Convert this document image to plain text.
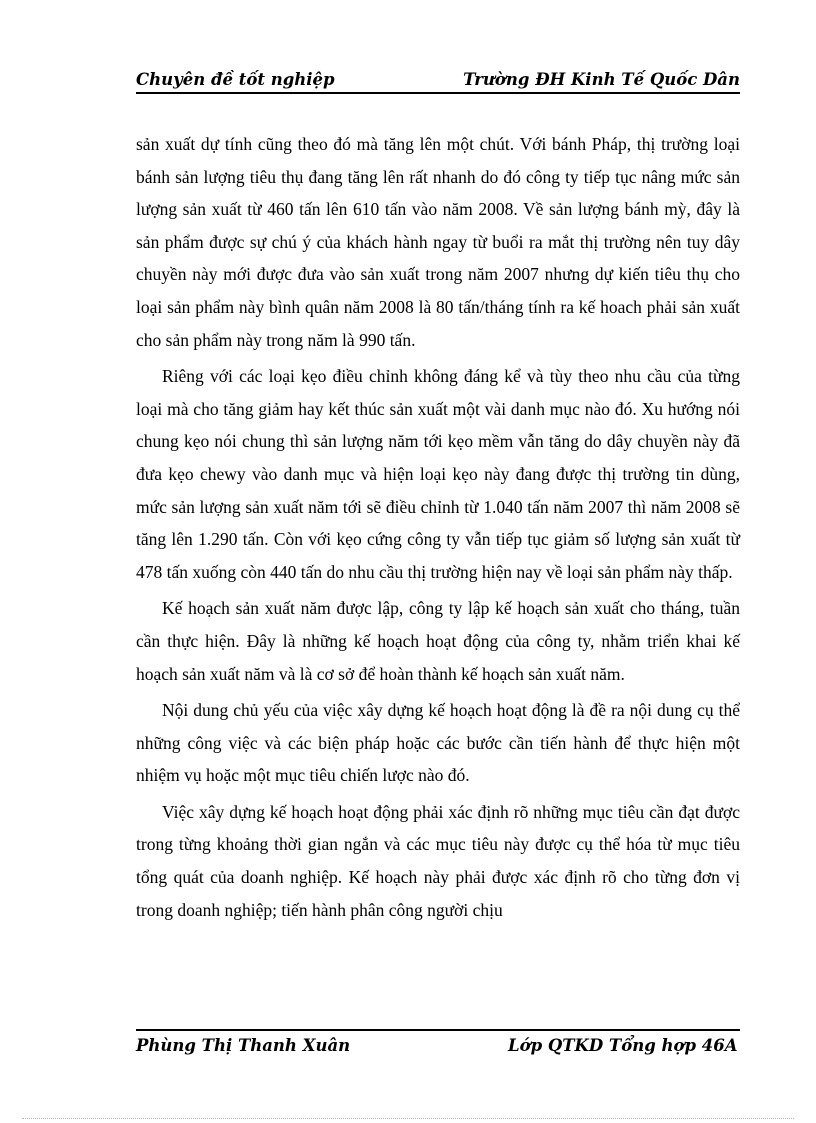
Chuyên đề tốt nghiệp	Trường ĐH Kinh Tế Quốc Dân

sản xuất dự tính cũng theo đó mà tăng lên một chút. Với bánh Pháp, thị trường loại bánh sản lượng tiêu thụ đang tăng lên rất nhanh do đó công ty tiếp tục nâng mức sản lượng sản xuất từ 460 tấn lên 610 tấn vào năm 2008. Về sản lượng bánh mỳ, đây là sản phẩm được sự chú ý của khách hành ngay từ buổi ra mắt thị trường nên tuy dây chuyền này mới được đưa vào sản xuất trong năm 2007 nhưng dự kiến tiêu thụ cho loại sản phẩm này bình quân năm 2008 là 80 tấn/tháng tính ra kế hoach phải sản xuất cho sản phẩm này trong năm là 990 tấn.

Riêng với các loại kẹo điều chỉnh không đáng kể và tùy theo nhu cầu của từng loại mà cho tăng giảm hay kết thúc sản xuất một vài danh mục nào đó. Xu hướng nói chung kẹo nói chung thì sản lượng năm tới kẹo mềm vẫn tăng do dây chuyền này đã đưa kẹo chewy vào danh mục và hiện loại kẹo này đang được thị trường tin dùng, mức sản lượng sản xuất năm tới sẽ điều chỉnh từ 1.040 tấn năm 2007 thì năm 2008 sẽ tăng lên 1.290 tấn. Còn với kẹo cứng công ty vẫn tiếp tục giảm số lượng sản xuất từ 478 tấn xuống còn 440 tấn do nhu cầu thị trường hiện nay về loại sản phẩm này thấp.

Kế hoạch sản xuất năm được lập, công ty lập kế hoạch sản xuất cho tháng, tuần cần thực hiện. Đây là những kế hoạch hoạt động của công ty, nhằm triển khai kế hoạch sản xuất năm và là cơ sở để hoàn thành kế hoạch sản xuất năm.

Nội dung chủ yếu của việc xây dựng kế hoạch hoạt động là đề ra nội dung cụ thể những công việc và các biện pháp hoặc các bước cần tiến hành để thực hiện một nhiệm vụ hoặc một mục tiêu chiến lược nào đó.

Việc xây dựng kế hoạch hoạt động phải xác định rõ những mục tiêu cần đạt được trong từng khoảng thời gian ngắn và các mục tiêu này được cụ thể hóa từ mục tiêu tổng quát của doanh nghiệp. Kế hoạch này phải được xác định rõ cho từng đơn vị trong doanh nghiệp; tiến hành phân công người chịu

Phùng Thị Thanh Xuân	Lớp QTKD Tổng hợp 46A
